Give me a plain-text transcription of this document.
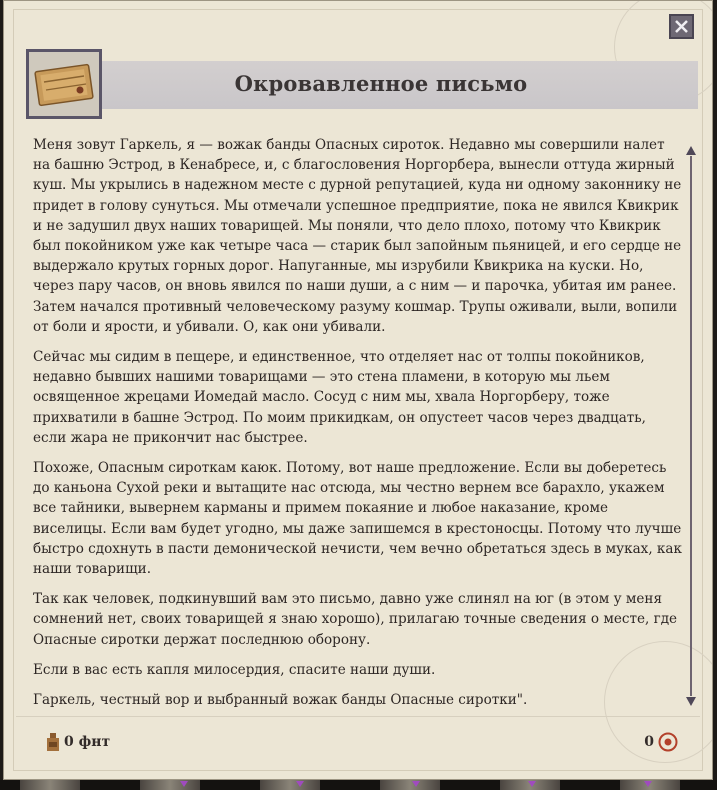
Окровавленное письмо

Меня зовут Гаркель, я — вожак банды Опасных сироток. Недавно мы совершили налет на башню Эстрод, в Кенабресе, и, с благословения Норгорбера, вынесли оттуда жирный куш. Мы укрылись в надежном месте с дурной репутацией, куда ни одному законнику не придет в голову сунуться. Мы отмечали успешное предприятие, пока не явился Квикрик и не задушил двух наших товарищей. Мы поняли, что дело плохо, потому что Квикрик был покойником уже как четыре часа — старик был запойным пьяницей, и его сердце не выдержало крутых горных дорог. Напуганные, мы изрубили Квикрика на куски. Но, через пару часов, он вновь явился по наши души, а с ним — и парочка, убитая им ранее. Затем начался противный человеческому разуму кошмар. Трупы оживали, выли, вопили от боли и ярости, и убивали. О, как они убивали.

Сейчас мы сидим в пещере, и единственное, что отделяет нас от толпы покойников, недавно бывших нашими товарищами — это стена пламени, в которую мы льем освященное жрецами Иомедай масло. Сосуд с ним мы, хвала Норгорберу, тоже прихватили в башне Эстрод. По моим прикидкам, он опустеет часов через двадцать, если жара не прикончит нас быстрее.

Похоже, Опасным сироткам каюк. Потому, вот наше предложение. Если вы доберетесь до каньона Сухой реки и вытащите нас отсюда, мы честно вернем все барахло, укажем все тайники, вывернем карманы и примем покаяние и любое наказание, кроме виселицы. Если вам будет угодно, мы даже запишемся в крестоносцы. Потому что лучше быстро сдохнуть в пасти демонической нечисти, чем вечно обретаться здесь в муках, как наши товарищи.

Так как человек, подкинувший вам это письмо, давно уже слинял на юг (в этом у меня сомнений нет, своих товарищей я знаю хорошо), прилагаю точные сведения о месте, где Опасные сиротки держат последнюю оборону.

Если в вас есть капля милосердия, спасите наши души.

Гаркель, честный вор и выбранный вожак банды Опасные сиротки".

0 фнт	0
